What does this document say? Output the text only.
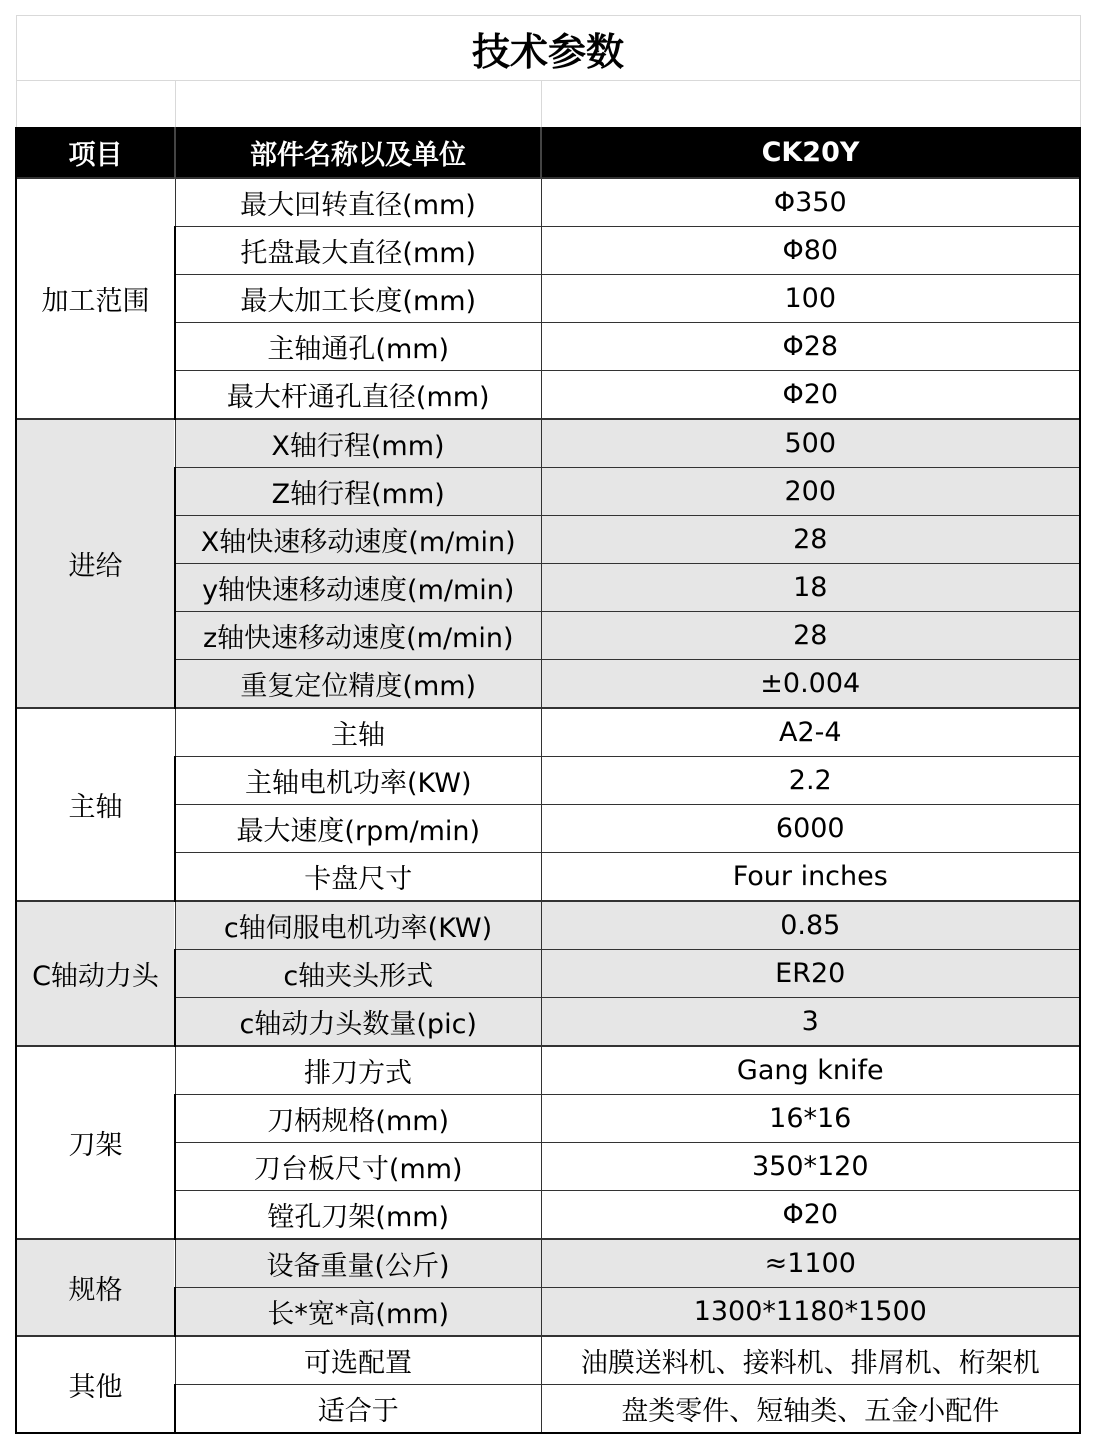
技术参数		

项目	部件名称以及单位	CK20Y
加工范围	最大回转直径(mm)	Φ350
	托盘最大直径(mm)	Φ80
	最大加工长度(mm)	100
	主轴通孔(mm)	Φ28
	最大杆通孔直径(mm)	Φ20
进给	X轴行程(mm)	500
	Z轴行程(mm)	200
	X轴快速移动速度(m/min)	28
	y轴快速移动速度(m/min)	18
	z轴快速移动速度(m/min)	28
	重复定位精度(mm)	±0.004
主轴	主轴	A2-4
	主轴电机功率(KW)	2.2
	最大速度(rpm/min)	6000
	卡盘尺寸	Four inches
C轴动力头	c轴伺服电机功率(KW)	0.85
	c轴夹头形式	ER20
	c轴动力头数量(pic)	3
刀架	排刀方式	Gang knife
	刀柄规格(mm)	16*16
	刀台板尺寸(mm)	350*120
	镗孔刀架(mm)	Φ20
规格	设备重量(公斤)	≈1100
	长*宽*高(mm)	1300*1180*1500
其他	可选配置	油膜送料机、接料机、排屑机、桁架机
	适合于	盘类零件、短轴类、五金小配件
